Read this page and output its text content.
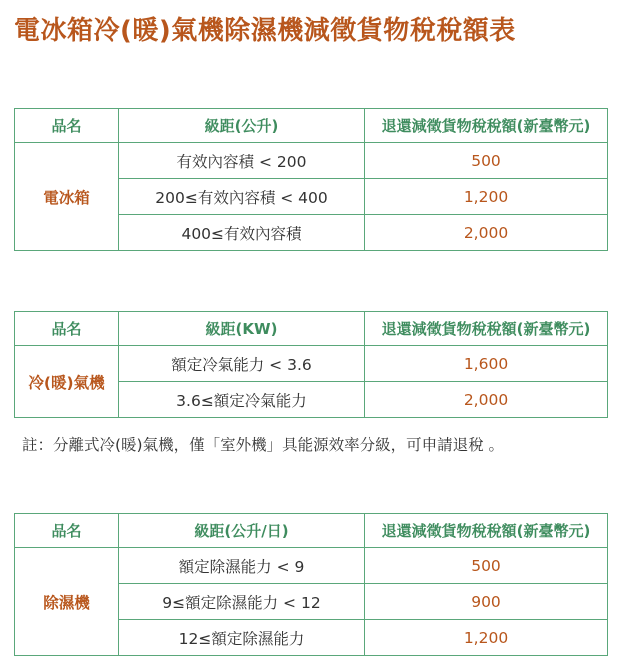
電冰箱冷(暖)氣機除濕機減徵貨物稅稅額表
品名	級距(公升)	退還減徵貨物稅稅額(新臺幣元)
電冰箱	有效內容積 < 200	500
	200≤有效內容積 < 400	1,200
	400≤有效內容積	2,000
品名	級距(KW)	退還減徵貨物稅稅額(新臺幣元)
冷(暖)氣機	額定冷氣能力 < 3.6	1,600
	3.6≤額定冷氣能力	2,000
註：分離式冷(暖)氣機，僅「室外機」具能源效率分級，可申請退稅 。
品名	級距(公升/日)	退還減徵貨物稅稅額(新臺幣元)
除濕機	額定除濕能力 < 9	500
	9≤額定除濕能力 < 12	900
	12≤額定除濕能力	1,200
